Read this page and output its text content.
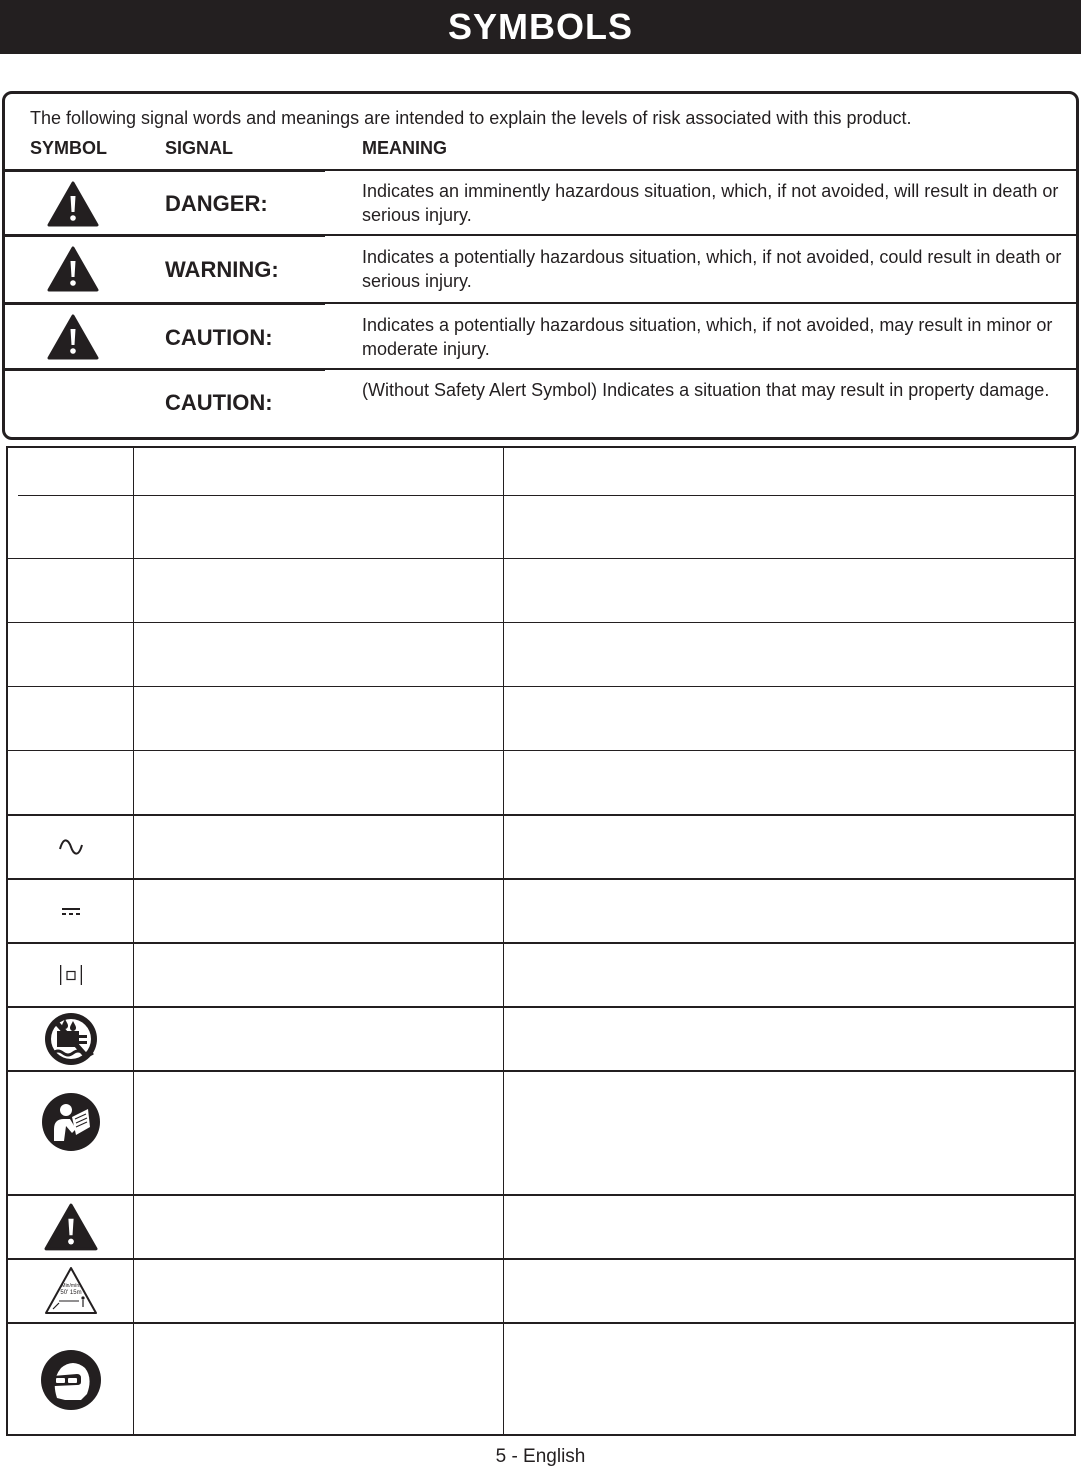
SYMBOLS
The following signal words and meanings are intended to explain the levels of risk associated with this product.
SYMBOL	SIGNAL	MEANING
DANGER:	Indicates an imminently hazardous situation, which, if not avoided, will result in death or serious injury.
WARNING:	Indicates a potentially hazardous situation, which, if not avoided, could result in death or serious injury.
CAUTION:	Indicates a potentially hazardous situation, which, if not avoided, may result in minor or moderate injury.
CAUTION:	(Without Safety Alert Symbol) Indicates a situation that may result in property damage.
Min/mín.
50' 15m
5 - English
